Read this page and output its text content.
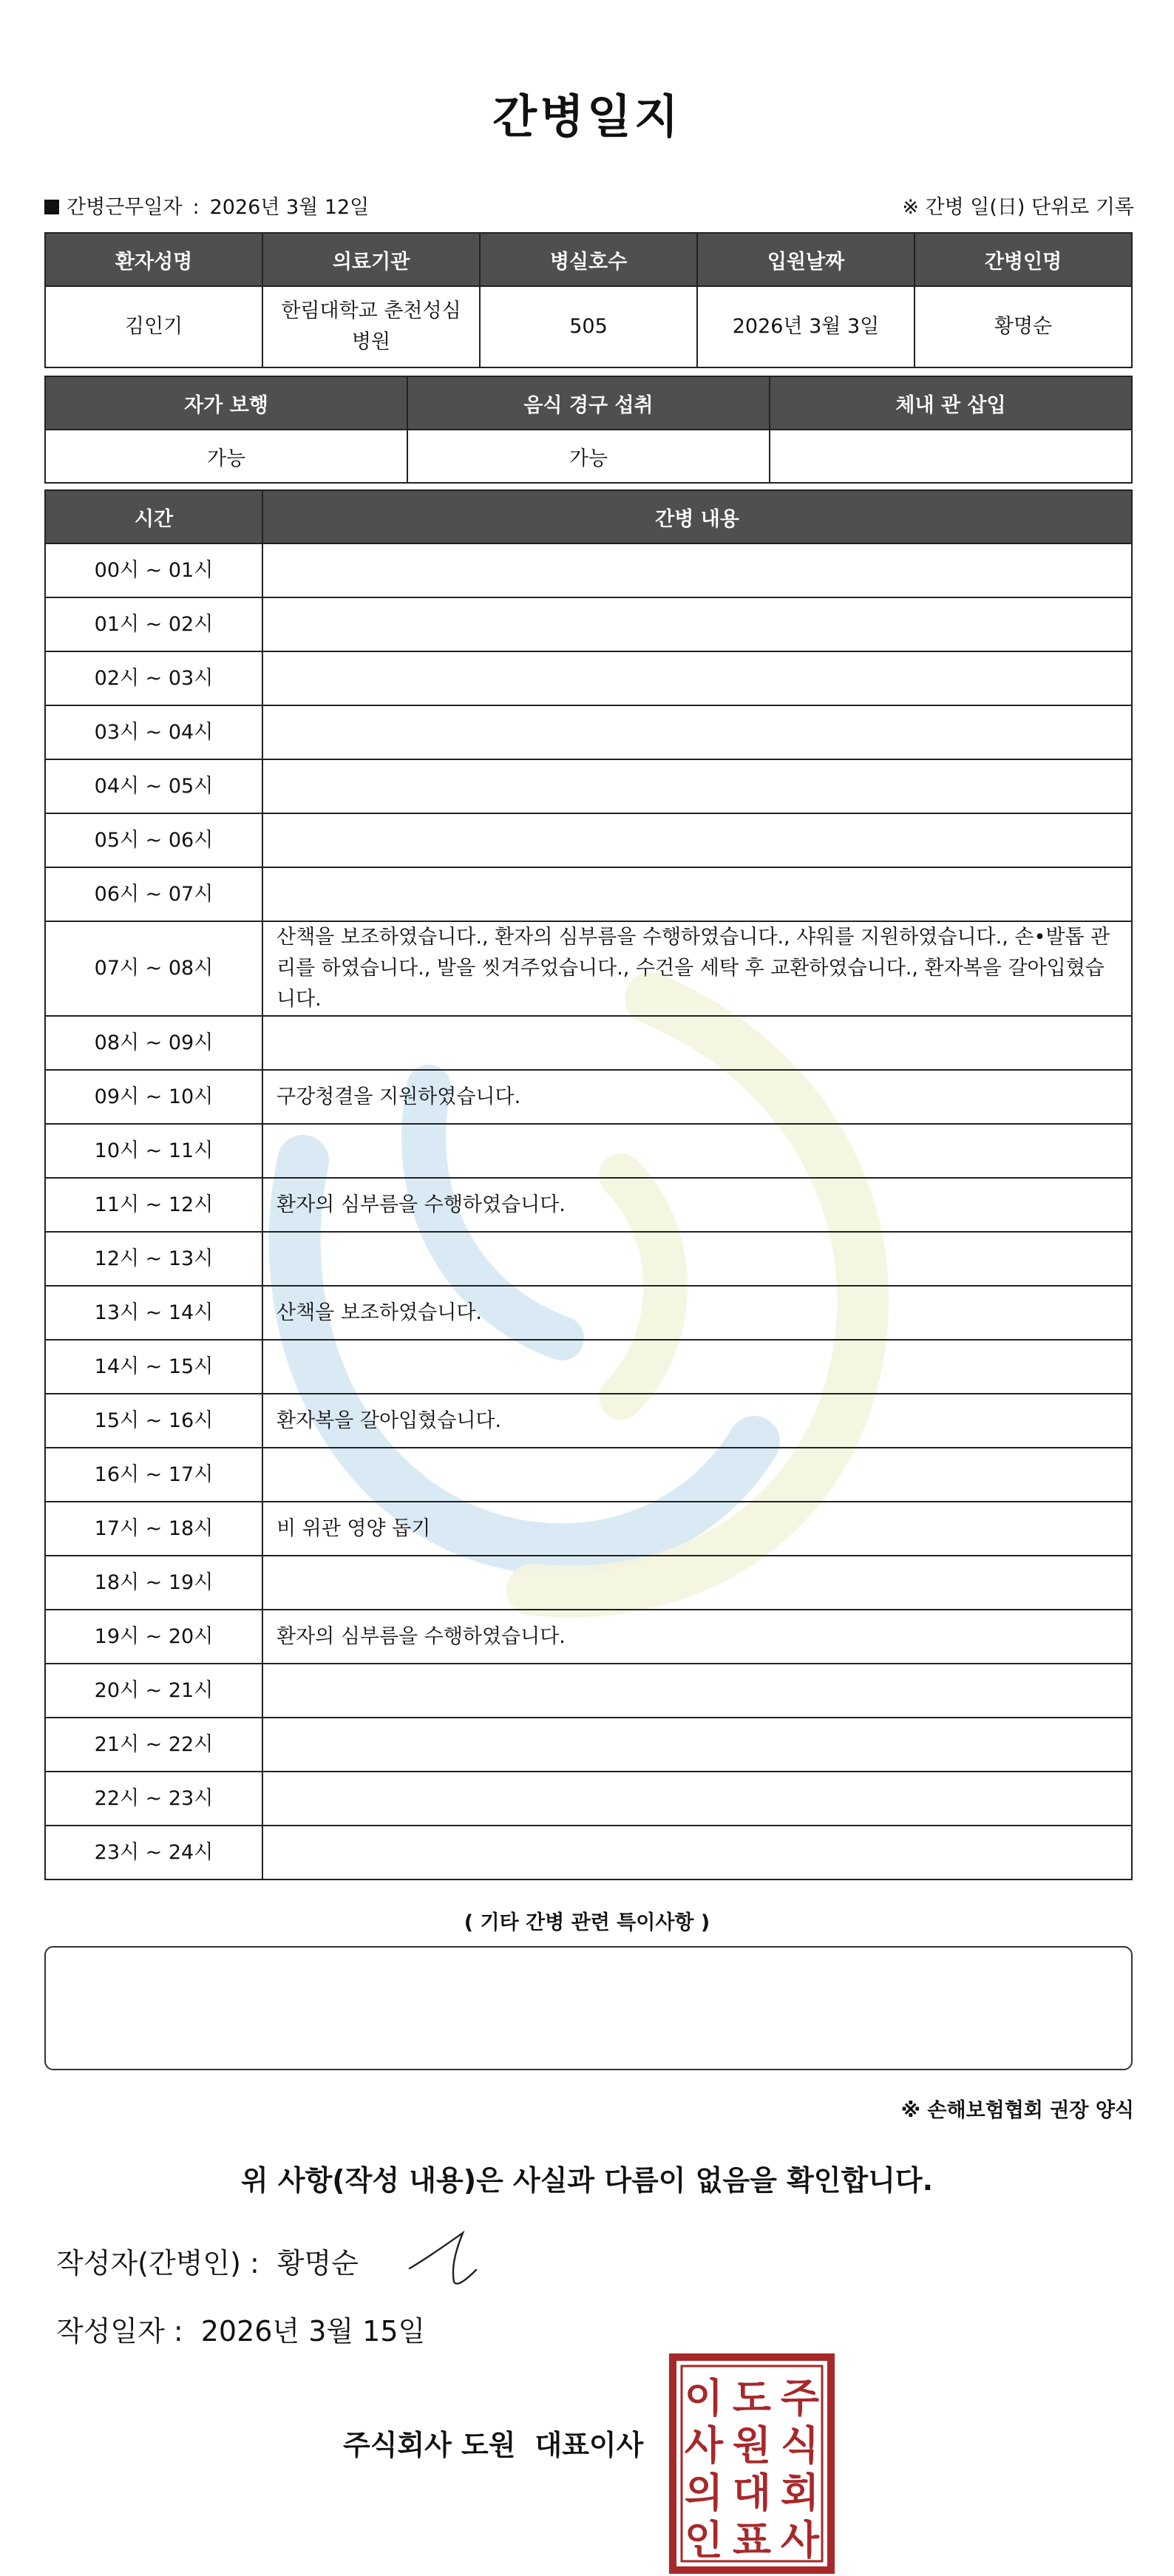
간병일지
간병근무일자 : 2026년 3월 12일	※ 간병 일(日) 단위로 기록
환자성명	의료기관	병실호수	입원날짜	간병인명
김인기	한림대학교 춘천성심병원	505	2026년 3월 3일	황명순
자가 보행	음식 경구 섭취	체내 관 삽입
가능	가능	
시간	간병 내용
00시 ~ 01시	
01시 ~ 02시	
02시 ~ 03시	
03시 ~ 04시	
04시 ~ 05시	
05시 ~ 06시	
06시 ~ 07시	
07시 ~ 08시	산책을 보조하였습니다., 환자의 심부름을 수행하였습니다., 샤워를 지원하였습니다., 손•발톱 관리를 하였습니다., 발을 씻겨주었습니다., 수건을 세탁 후 교환하였습니다., 환자복을 갈아입혔습니다.
08시 ~ 09시	
09시 ~ 10시	구강청결을 지원하였습니다.
10시 ~ 11시	
11시 ~ 12시	환자의 심부름을 수행하였습니다.
12시 ~ 13시	
13시 ~ 14시	산책을 보조하였습니다.
14시 ~ 15시	
15시 ~ 16시	환자복을 갈아입혔습니다.
16시 ~ 17시	
17시 ~ 18시	비 위관 영양 돕기
18시 ~ 19시	
19시 ~ 20시	환자의 심부름을 수행하였습니다.
20시 ~ 21시	
21시 ~ 22시	
22시 ~ 23시	
23시 ~ 24시	
( 기타 간병 관련 특이사항 )
※ 손해보험협회 권장 양식
위 사항(작성 내용)은 사실과 다름이 없음을 확인합니다.
작성자(간병인) : 황명순
작성일자 : 2026년 3월 15일
주식회사 도원 대표이사
주
식
회
사
도
원
대
표
이
사
의
인
